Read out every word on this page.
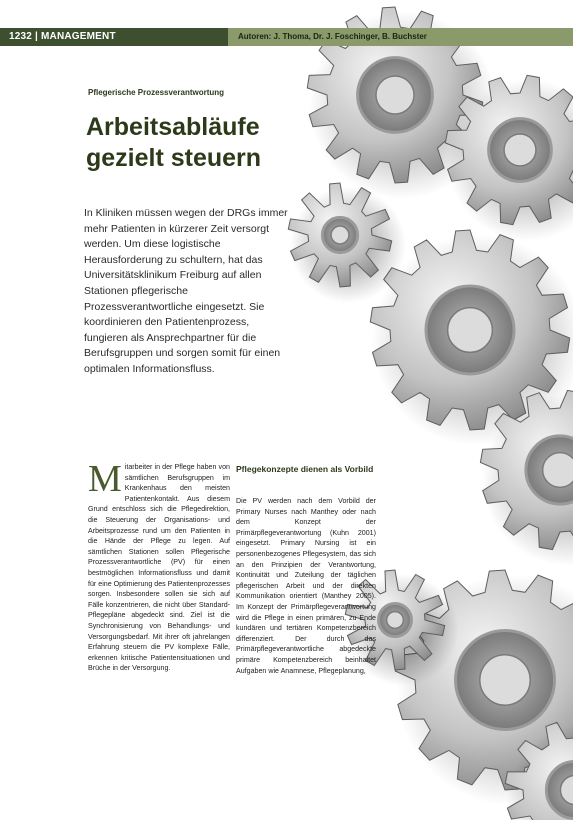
1232 | MANAGEMENT	Autoren: J. Thoma, Dr. J. Foschinger, B. Buchster
Pflegerische Prozessverantwortung
Arbeitsabläufe gezielt steuern

In Kliniken müssen wegen der DRGs immer mehr Patienten in kürzerer Zeit versorgt werden. Um diese logistische Herausforderung zu schultern, hat das Universitätsklinikum Freiburg auf allen Stationen pflegerische Prozessverantwortliche eingesetzt. Sie koordinieren den Patientenprozess, fungieren als Ansprechpartner für die Berufsgruppen und sorgen somit für einen optimalen Informationsfluss.

M itarbeiter in der Pflege haben von sämtlichen Berufsgruppen im Krankenhaus den meisten Patientenkontakt. Aus diesem Grund entschloss sich die Pflegedirektion, die Steuerung der Organisations- und Arbeitsprozesse rund um den Patienten in die Hände der Pflege zu legen. Auf sämtlichen Stationen sollen Pflegerische Prozessverantwortliche (PV) für einen bestmöglichen Informationsfluss und damit für eine Optimierung des Patientenprozesses sorgen. Insbesondere sollen sie sich auf Fälle konzentrieren, die nicht über Standard-Pflegepläne abgedeckt sind. Ziel ist die Synchronisierung von Behandlungs- und Versorgungsbedarf. Mit ihrer oft jahrelangen Erfahrung steuern die PV komplexe Fälle, erkennen kritische Patientensituationen und Brüche in der Versorgung.

Pflegekonzepte dienen als Vorbild

Die PV werden nach dem Vorbild der Primary Nurses nach Manthey oder nach dem Konzept der Primärpflegeverantwortung (Kuhn 2001) eingesetzt. Primary Nursing ist ein personenbezogenes Pflegesystem, das sich an den Prinzipien der Verantwortung, Kontinuität und Zuteilung der täglichen pflegerischen Arbeit und der direkten Kommunikation orientiert (Manthey 2005). Im Konzept der Primärpflegeverantwortung wird die Pflege in einen primären, zu Ende kundären und tertiären Kompetenzbereich differenziert. Der durch das Primärpflegeverantwortliche abgedeckte primäre Kompetenzbereich beinhaltet Aufgaben wie Anamnese, Pflegeplanung,
